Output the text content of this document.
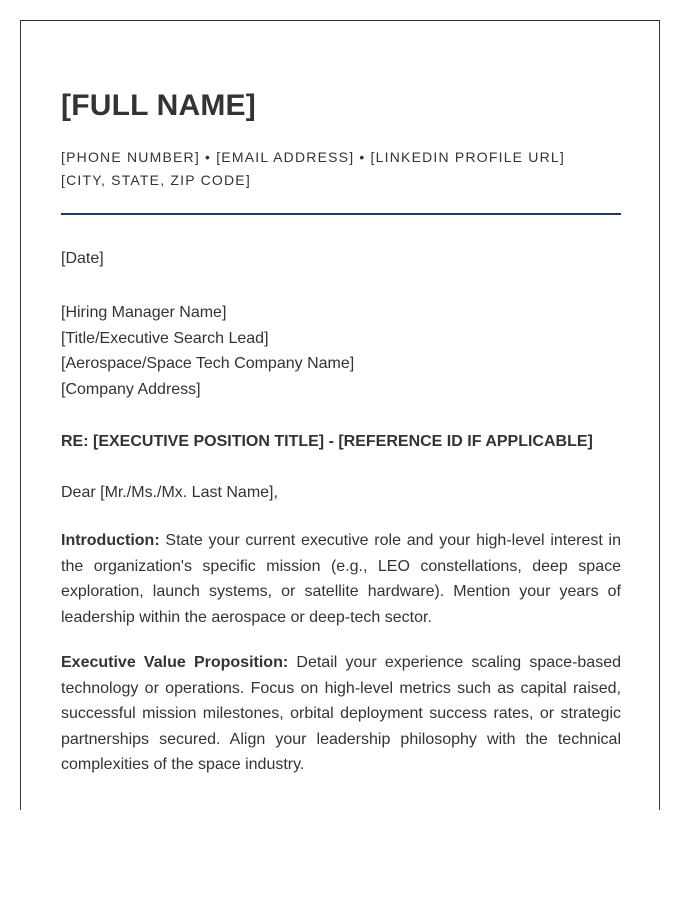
[FULL NAME]
[PHONE NUMBER] • [EMAIL ADDRESS] • [LINKEDIN PROFILE URL]
[CITY, STATE, ZIP CODE]
[Date]
[Hiring Manager Name]
[Title/Executive Search Lead]
[Aerospace/Space Tech Company Name]
[Company Address]
RE: [EXECUTIVE POSITION TITLE] - [REFERENCE ID IF APPLICABLE]
Dear [Mr./Ms./Mx. Last Name],

Introduction: State your current executive role and your high-level interest in the organization's specific mission (e.g., LEO constellations, deep space exploration, launch systems, or satellite hardware). Mention your years of leadership within the aerospace or deep-tech sector.

Executive Value Proposition: Detail your experience scaling space-based technology or operations. Focus on high-level metrics such as capital raised, successful mission milestones, orbital deployment success rates, or strategic partnerships secured. Align your leadership philosophy with the technical complexities of the space industry.
